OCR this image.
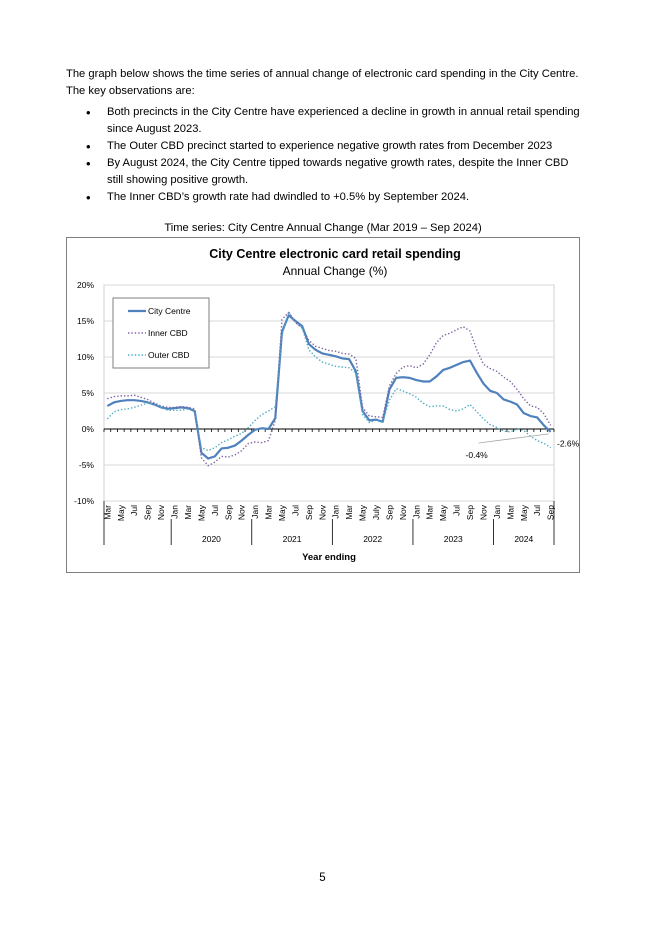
The graph below shows the time series of annual change of electronic card spending in the City Centre. The key observations are:

• Both precincts in the City Centre have experienced a decline in growth in annual retail spending since August 2023.
• The Outer CBD precinct started to experience negative growth rates from December 2023
• By August 2024, the City Centre tipped towards negative growth rates, despite the Inner CBD still showing positive growth.
• The Inner CBD’s growth rate had dwindled to +0.5% by September 2024.

Time series: City Centre Annual Change (Mar 2019 – Sep 2024)

-10%
-5%
0%
5%
10%
15%
20%
City Centre electronic card retail spending
Annual Change (%)
-0.4%
-2.6%
City Centre
Inner CBD
Outer CBD
Mar May Jul Sep Nov Jan Mar May Jul Sep Nov Jan Mar May Jul Sep Nov Jan Mar May July Sep Nov Jan Mar May Jul Sep Nov Jan Mar May Jul Sep
2020	2021	2022	2023	2024
Year ending

5
